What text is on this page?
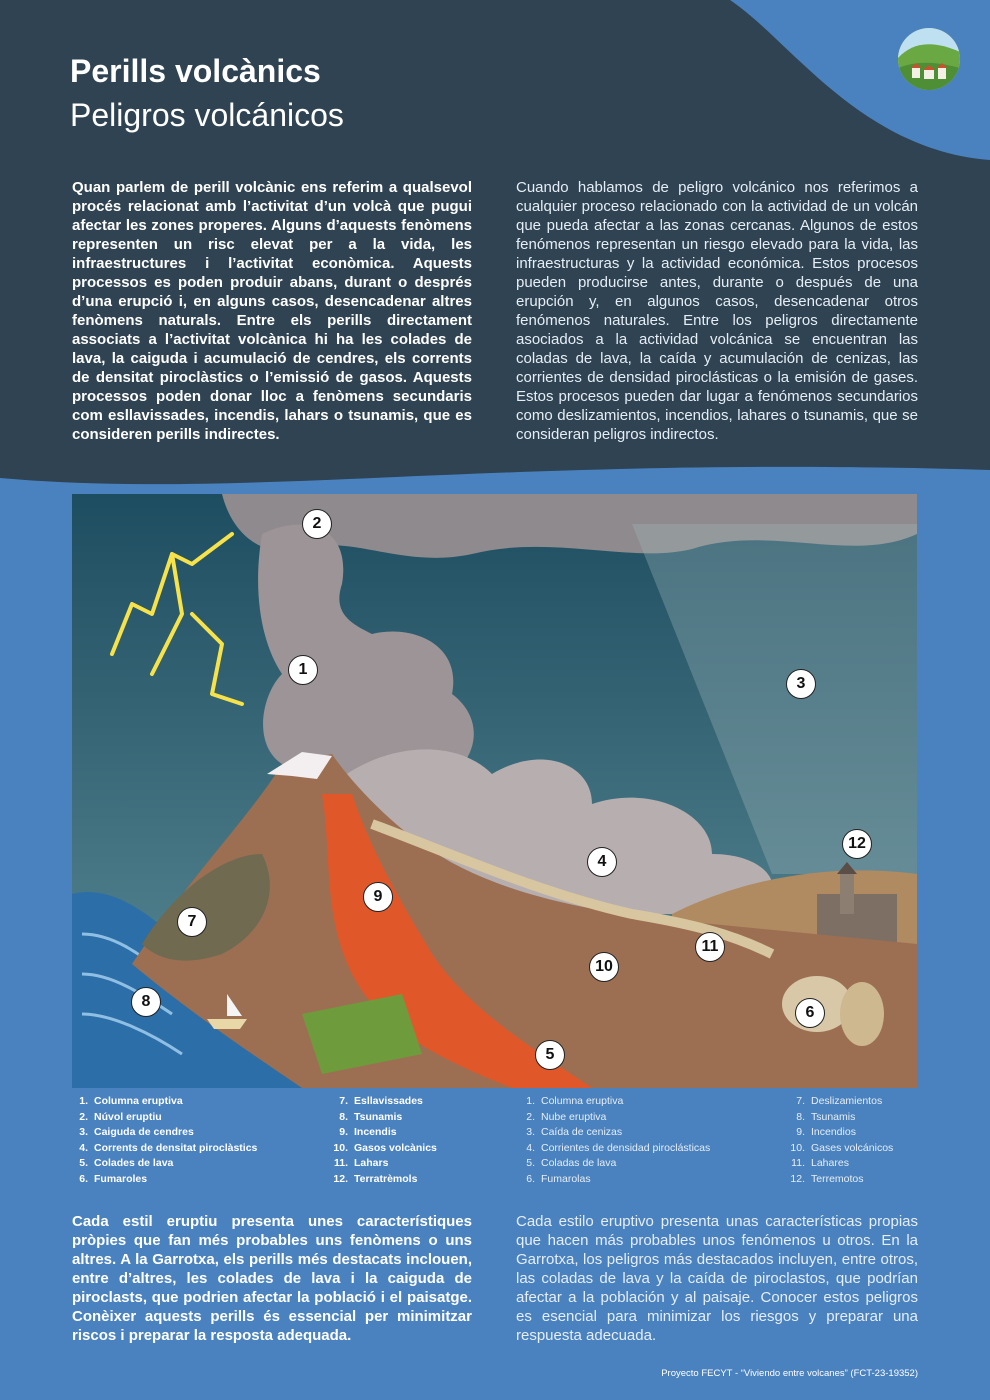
Perills volcànics
Peligros volcánicos
Quan parlem de perill volcànic ens referim a qualsevol procés relacionat amb l’activitat d’un volcà que pugui afectar les zones properes. Alguns d’aquests fenòmens representen un risc elevat per a la vida, les infraestructures i l’activitat econòmica. Aquests processos es poden produir abans, durant o després d’una erupció i, en alguns casos, desencadenar altres fenòmens naturals. Entre els perills directament associats a l’activitat volcànica hi ha les colades de lava, la caiguda i acumulació de cendres, els corrents de densitat piroclàstics o l’emissió de gasos. Aquests processos poden donar lloc a fenòmens secundaris com esllavissades, incendis, lahars o tsunamis, que es consideren perills indirectes.
Cuando hablamos de peligro volcánico nos referimos a cualquier proceso relacionado con la actividad de un volcán que pueda afectar a las zonas cercanas. Algunos de estos fenómenos representan un riesgo elevado para la vida, las infraestructuras y la actividad económica. Estos procesos pueden producirse antes, durante o después de una erupción y, en algunos casos, desencadenar otros fenómenos naturales. Entre los peligros directamente asociados a la actividad volcánica se encuentran las coladas de lava, la caída y acumulación de cenizas, las corrientes de densidad piroclásticas o la emisión de gases. Estos procesos pueden dar lugar a fenómenos secundarios como deslizamientos, incendios, lahares o tsunamis, que se consideran peligros indirectos.
1
2
3
4
5
6
7
8
9
10
11
12
1. Columna eruptiva
2. Núvol eruptiu
3. Caiguda de cendres
4. Corrents de densitat piroclàstics
5. Colades de lava
6. Fumaroles
7. Esllavissades
8. Tsunamis
9. Incendis
10. Gasos volcànics
11. Lahars
12. Terratrèmols
1. Columna eruptiva
2. Nube eruptiva
3. Caída de cenizas
4. Corrientes de densidad piroclásticas
5. Coladas de lava
6. Fumarolas
7. Deslizamientos
8. Tsunamis
9. Incendios
10. Gases volcánicos
11. Lahares
12. Terremotos
Cada estil eruptiu presenta unes característiques pròpies que fan més probables uns fenòmens o uns altres. A la Garrotxa, els perills més destacats inclouen, entre d’altres, les colades de lava i la caiguda de piroclasts, que podrien afectar la població i el paisatge. Conèixer aquests perills és essencial per minimitzar riscos i preparar la resposta adequada.
Cada estilo eruptivo presenta unas características propias que hacen más probables unos fenómenos u otros. En la Garrotxa, los peligros más destacados incluyen, entre otros, las coladas de lava y la caída de piroclastos, que podrían afectar a la población y al paisaje. Conocer estos peligros es esencial para minimizar los riesgos y preparar una respuesta adecuada.
Proyecto FECYT - “Viviendo entre volcanes” (FCT-23-19352)
